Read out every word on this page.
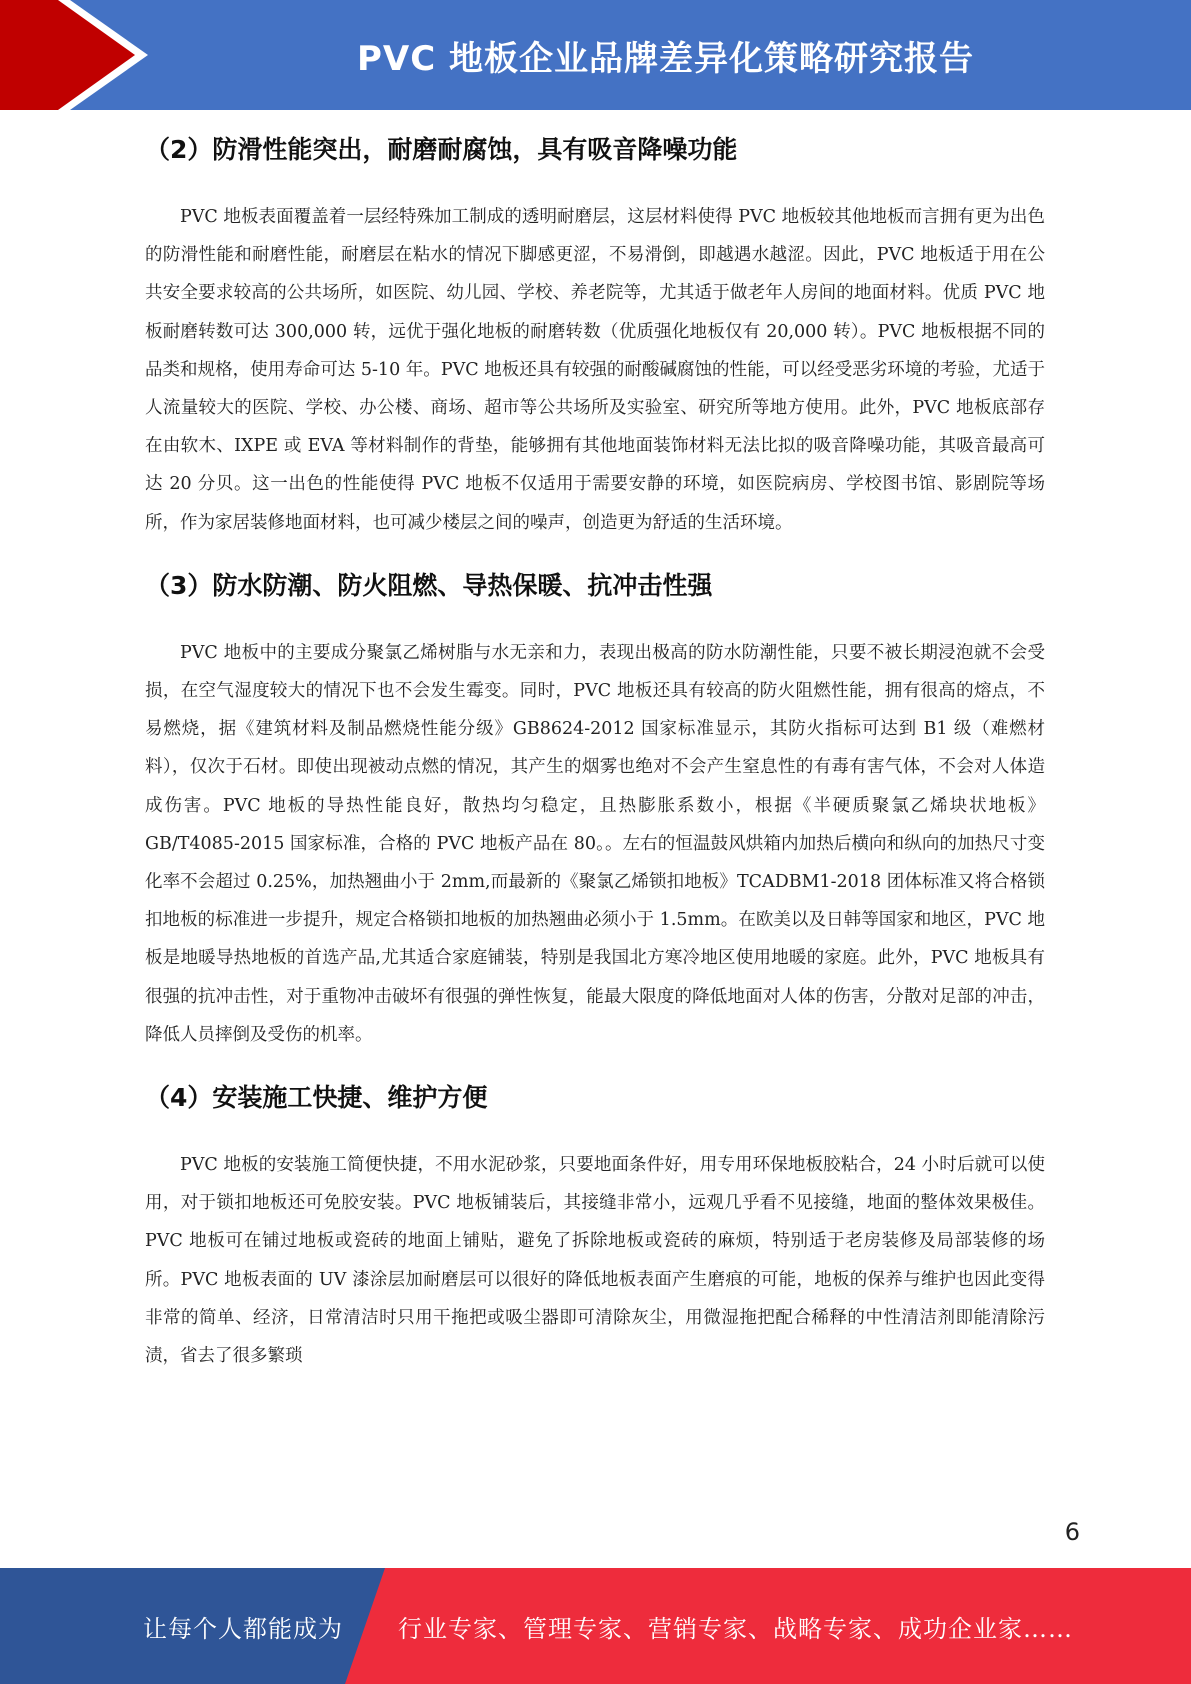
PVC 地板企业品牌差异化策略研究报告
（2）防滑性能突出，耐磨耐腐蚀，具有吸音降噪功能

PVC 地板表面覆盖着一层经特殊加工制成的透明耐磨层，这层材料使得 PVC 地板较其他地板而言拥有更为出色的防滑性能和耐磨性能，耐磨层在粘水的情况下脚感更涩，不易滑倒，即越遇水越涩。因此，PVC 地板适于用在公共安全要求较高的公共场所，如医院、幼儿园、学校、养老院等，尤其适于做老年人房间的地面材料。优质 PVC 地板耐磨转数可达 300,000 转，远优于强化地板的耐磨转数（优质强化地板仅有 20,000 转）。PVC 地板根据不同的品类和规格，使用寿命可达 5-10 年。PVC 地板还具有较强的耐酸碱腐蚀的性能，可以经受恶劣环境的考验，尤适于人流量较大的医院、学校、办公楼、商场、超市等公共场所及实验室、研究所等地方使用。此外，PVC 地板底部存在由软木、IXPE 或 EVA 等材料制作的背垫，能够拥有其他地面装饰材料无法比拟的吸音降噪功能，其吸音最高可达 20 分贝。这一出色的性能使得 PVC 地板不仅适用于需要安静的环境，如医院病房、学校图书馆、影剧院等场所，作为家居装修地面材料，也可减少楼层之间的噪声，创造更为舒适的生活环境。

（3）防水防潮、防火阻燃、导热保暖、抗冲击性强

PVC 地板中的主要成分聚氯乙烯树脂与水无亲和力，表现出极高的防水防潮性能，只要不被长期浸泡就不会受损，在空气湿度较大的情况下也不会发生霉变。同时，PVC 地板还具有较高的防火阻燃性能，拥有很高的熔点，不易燃烧，据《建筑材料及制品燃烧性能分级》GB8624-2012 国家标准显示，其防火指标可达到 B1 级（难燃材料），仅次于石材。即使出现被动点燃的情况，其产生的烟雾也绝对不会产生窒息性的有毒有害气体，不会对人体造成伤害。PVC 地板的导热性能良好，散热均匀稳定，且热膨胀系数小，根据《半硬质聚氯乙烯块状地板》GB/T4085-2015 国家标准，合格的 PVC 地板产品在 80。。左右的恒温鼓风烘箱内加热后横向和纵向的加热尺寸变化率不会超过 0.25%，加热翘曲小于 2mm,而最新的《聚氯乙烯锁扣地板》TCADBM1-2018 团体标准又将合格锁扣地板的标准进一步提升，规定合格锁扣地板的加热翘曲必须小于 1.5mm。在欧美以及日韩等国家和地区，PVC 地板是地暖导热地板的首选产品,尤其适合家庭铺装，特别是我国北方寒冷地区使用地暖的家庭。此外，PVC 地板具有很强的抗冲击性，对于重物冲击破坏有很强的弹性恢复，能最大限度的降低地面对人体的伤害，分散对足部的冲击，降低人员摔倒及受伤的机率。

（4）安装施工快捷、维护方便

PVC 地板的安装施工简便快捷，不用水泥砂浆，只要地面条件好，用专用环保地板胶粘合，24 小时后就可以使用，对于锁扣地板还可免胶安装。PVC 地板铺装后，其接缝非常小，远观几乎看不见接缝，地面的整体效果极佳。PVC 地板可在铺过地板或瓷砖的地面上铺贴，避免了拆除地板或瓷砖的麻烦，特别适于老房装修及局部装修的场所。PVC 地板表面的 UV 漆涂层加耐磨层可以很好的降低地板表面产生磨痕的可能，地板的保养与维护也因此变得非常的简单、经济，日常清洁时只用干拖把或吸尘器即可清除灰尘，用微湿拖把配合稀释的中性清洁剂即能清除污渍，省去了很多繁琐

6
让每个人都能成为 行业专家、管理专家、营销专家、战略专家、成功企业家……
